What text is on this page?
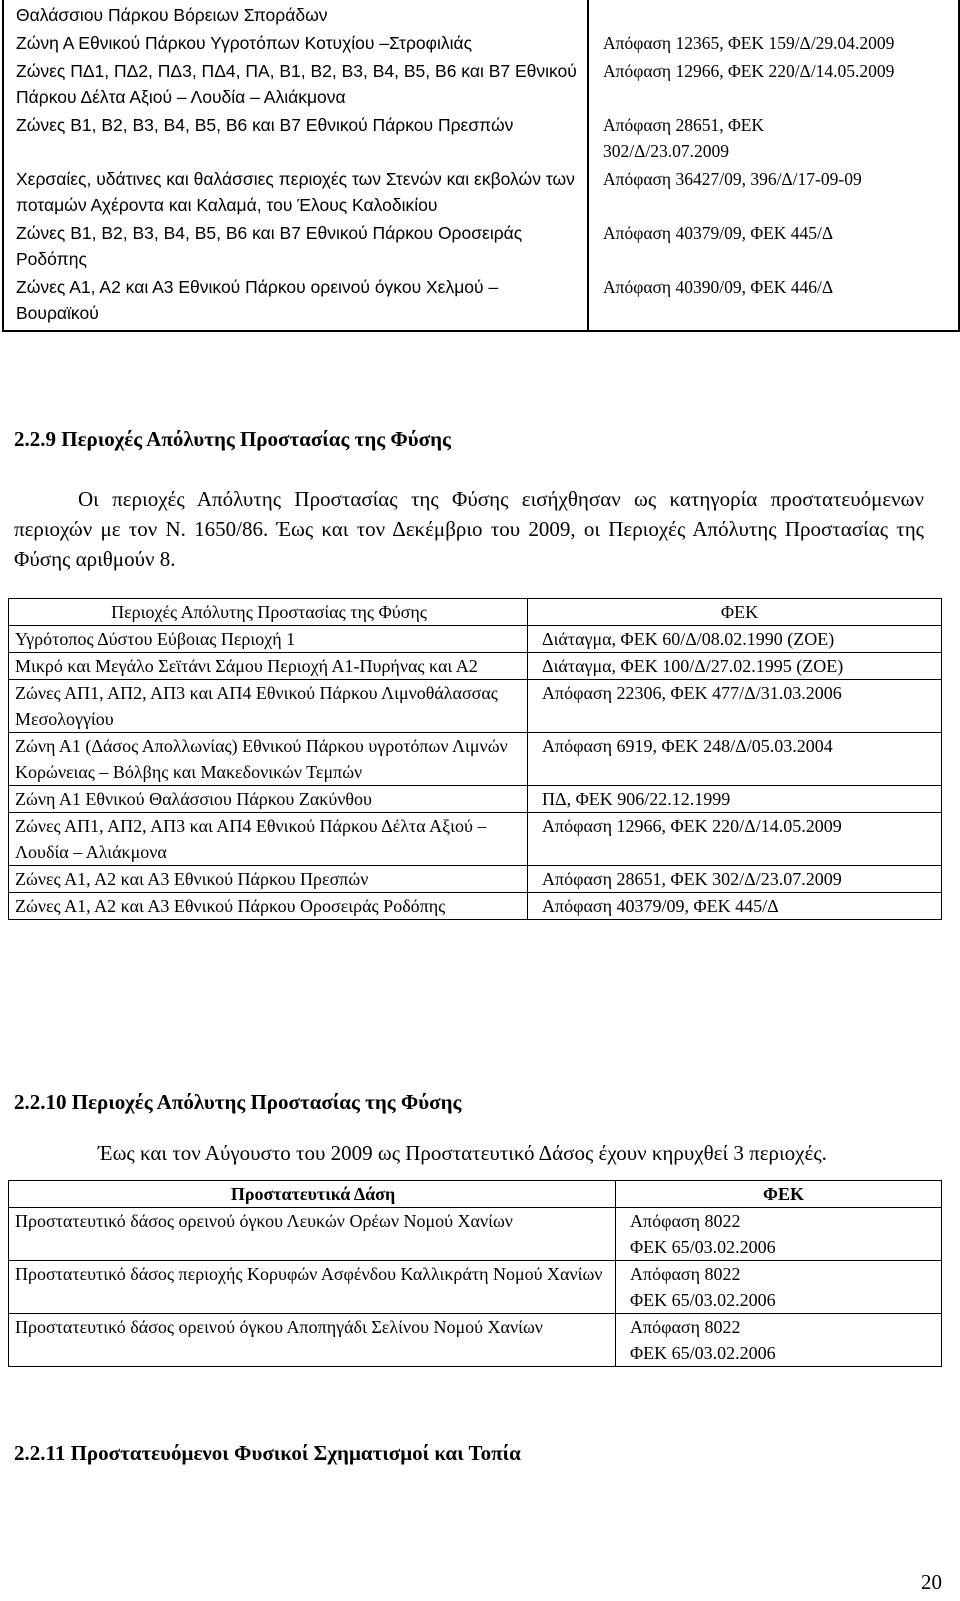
Θαλάσσιου Πάρκου Βόρειων Σποράδων	
Ζώνη Α Εθνικού Πάρκου Υγροτόπων Κοτυχίου –Στροφιλιάς	Απόφαση 12365, ΦΕΚ 159/Δ/29.04.2009
Ζώνες ΠΔ1, ΠΔ2, ΠΔ3, ΠΔ4, ΠΑ, Β1, Β2, Β3, Β4, Β5, Β6 και Β7 Εθνικού Πάρκου Δέλτα Αξιού – Λουδία – Αλιάκμονα	Απόφαση 12966, ΦΕΚ 220/Δ/14.05.2009
Ζώνες Β1, Β2, Β3, Β4, Β5, Β6 και Β7 Εθνικού Πάρκου Πρεσπών	Απόφαση 28651, ΦΕΚ 302/Δ/23.07.2009
Χερσαίες, υδάτινες και θαλάσσιες περιοχές των Στενών και εκβολών των ποταμών Αχέροντα και Καλαμά, του Έλους Καλοδικίου	Απόφαση 36427/09, 396/Δ/17-09-09
Ζώνες Β1, Β2, Β3, Β4, Β5, Β6 και Β7 Εθνικού Πάρκου Οροσειράς Ροδόπης	Απόφαση 40379/09, ΦΕΚ 445/Δ
Ζώνες Α1, Α2 και Α3 Εθνικού Πάρκου ορεινού όγκου Χελμού – Βουραϊκού	Απόφαση 40390/09, ΦΕΚ 446/Δ
2.2.9 Περιοχές Απόλυτης Προστασίας της Φύσης
Οι περιοχές Απόλυτης Προστασίας της Φύσης εισήχθησαν ως κατηγορία προστατευόμενων περιοχών με τον Ν. 1650/86. Έως και τον Δεκέμβριο του 2009, οι Περιοχές Απόλυτης Προστασίας της Φύσης αριθμούν 8.
Περιοχές Απόλυτης Προστασίας της Φύσης	ΦΕΚ
Υγρότοπος Δύστου Εύβοιας Περιοχή 1	Διάταγμα, ΦΕΚ 60/Δ/08.02.1990 (ΖΟΕ)
Μικρό και Μεγάλο Σεϊτάνι Σάμου Περιοχή Α1-Πυρήνας και Α2	Διάταγμα, ΦΕΚ 100/Δ/27.02.1995 (ΖΟΕ)
Ζώνες ΑΠ1, ΑΠ2, ΑΠ3 και ΑΠ4 Εθνικού Πάρκου Λιμνοθάλασσας Μεσολογγίου	Απόφαση 22306, ΦΕΚ 477/Δ/31.03.2006
Ζώνη Α1 (Δάσος Απολλωνίας) Εθνικού Πάρκου υγροτόπων Λιμνών Κορώνειας – Βόλβης και Μακεδονικών Τεμπών	Απόφαση 6919, ΦΕΚ 248/Δ/05.03.2004
Ζώνη Α1 Εθνικού Θαλάσσιου Πάρκου Ζακύνθου	ΠΔ, ΦΕΚ 906/22.12.1999
Ζώνες ΑΠ1, ΑΠ2, ΑΠ3 και ΑΠ4 Εθνικού Πάρκου Δέλτα Αξιού – Λουδία – Αλιάκμονα	Απόφαση 12966, ΦΕΚ 220/Δ/14.05.2009
Ζώνες Α1, Α2 και Α3 Εθνικού Πάρκου Πρεσπών	Απόφαση 28651, ΦΕΚ 302/Δ/23.07.2009
Ζώνες Α1, Α2 και Α3 Εθνικού Πάρκου Οροσειράς Ροδόπης	Απόφαση 40379/09, ΦΕΚ 445/Δ
2.2.10 Περιοχές Απόλυτης Προστασίας της Φύσης
Έως και τον Αύγουστο του 2009 ως Προστατευτικό Δάσος έχουν κηρυχθεί 3 περιοχές.
Προστατευτικά Δάση	ΦΕΚ
Προστατευτικό δάσος ορεινού όγκου Λευκών Ορέων Νομού Χανίων	Απόφαση 8022
ΦΕΚ 65/03.02.2006

Προστατευτικό δάσος περιοχής Κορυφών Ασφένδου Καλλικράτη Νομού Χανίων	Απόφαση 8022
ΦΕΚ 65/03.02.2006

Προστατευτικό δάσος ορεινού όγκου Αποπηγάδι Σελίνου Νομού Χανίων	Απόφαση 8022
ΦΕΚ 65/03.02.2006
2.2.11 Προστατευόμενοι Φυσικοί Σχηματισμοί και Τοπία
20
